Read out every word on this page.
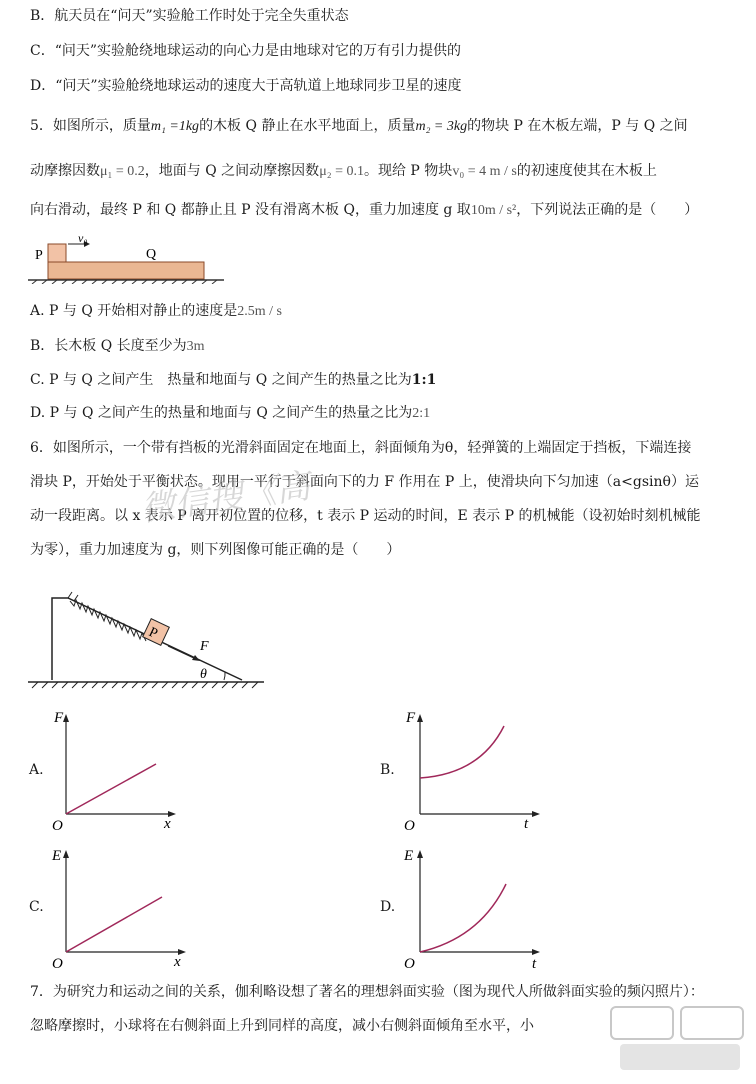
B．航天员在“问天”实验舱工作时处于完全失重状态
C．“问天”实验舱绕地球运动的向心力是由地球对它的万有引力提供的
D．“问天”实验舱绕地球运动的速度大于高轨道上地球同步卫星的速度
5．如图所示，质量m₁ =1kg的木板 Q 静止在水平地面上，质量m₂ = 3kg的物块 P 在木板左端，P 与 Q 之间
动摩擦因数μ₁ = 0.2，地面与 Q 之间动摩擦因数μ₂ = 0.1。现给 P 物块v₀ = 4 m / s的初速度使其在木板上
向右滑动，最终 P 和 Q 都静止且 P 没有滑离木板 Q，重力加速度 g 取10m / s²，下列说法正确的是（　　）
P	Q
v₀
A. P 与 Q 开始相对静止的速度是2.5m / s
B．长木板 Q 长度至少为3m
C. P 与 Q 之间产生　热量和地面与 Q 之间产生的热量之比为1:1
D. P 与 Q 之间产生的热量和地面与 Q 之间产生的热量之比为2:1
6．如图所示，一个带有挡板的光滑斜面固定在地面上，斜面倾角为θ，轻弹簧的上端固定于挡板，下端连接
滑块 P，开始处于平衡状态。现用一平行于斜面向下的力 F 作用在 P 上，使滑块向下匀加速（a<gsinθ）运
动一段距离。以 x 表示 P 离开初位置的位移，t 表示 P 运动的时间，E 表示 P 的机械能（设初始时刻机械能
为零），重力加速度为 g，则下列图像可能正确的是（　　）
微信搜《高
P
F
θ
A.
F
x
O
B.
F
t
O
C.
E
x
O
D.
E
t
O
7．为研究力和运动之间的关系，伽利略设想了著名的理想斜面实验（图为现代人所做斜面实验的频闪照片）：
忽略摩擦时，小球将在右侧斜面上升到同样的高度，减小右侧斜面倾角至水平，小
